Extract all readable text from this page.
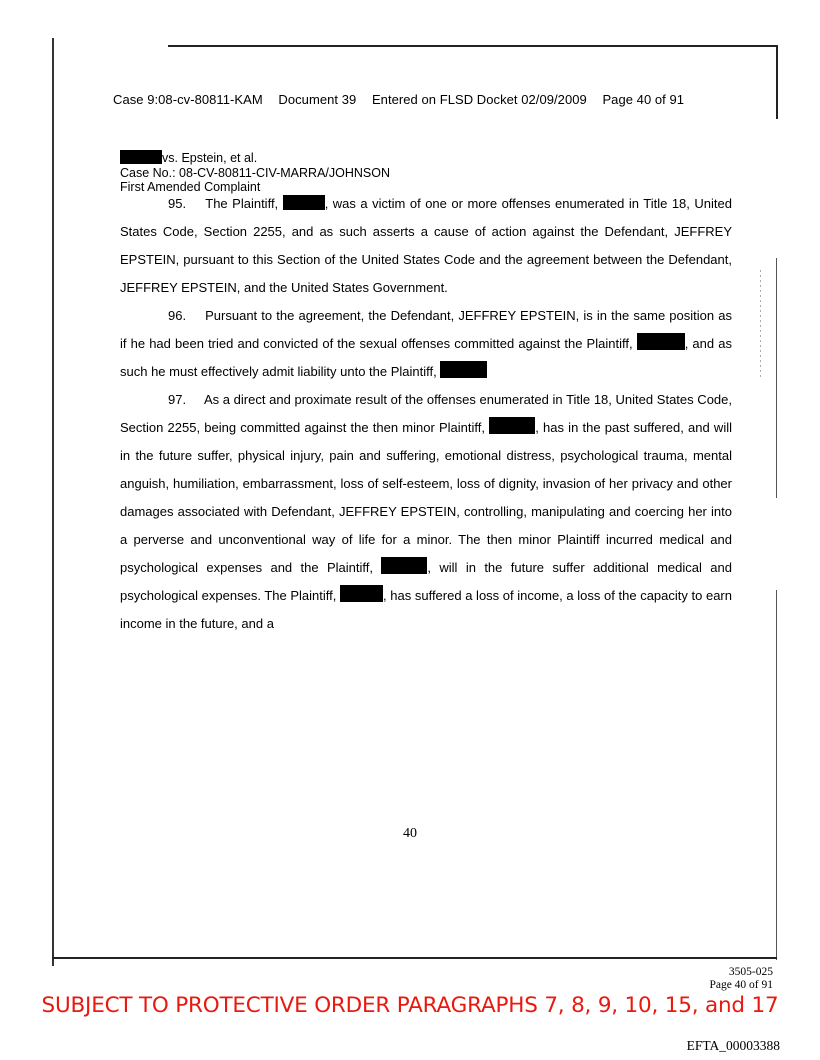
Case 9:08-cv-80811-KAM Document 39 Entered on FLSD Docket 02/09/2009 Page 40 of 91
vs. Epstein, et al.
Case No.: 08-CV-80811-CIV-MARRA/JOHNSON
First Amended Complaint

95. The Plaintiff,	, was a victim of one or more offenses enumerated in Title 18, United States Code, Section 2255, and as such asserts a cause of action against the Defendant, JEFFREY EPSTEIN, pursuant to this Section of the United States Code and the agreement between the Defendant, JEFFREY EPSTEIN, and the United States Government.

96. Pursuant to the agreement, the Defendant, JEFFREY EPSTEIN, is in the same position as if he had been tried and convicted of the sexual offenses committed against the Plaintiff,	, and as such he must effectively admit liability unto the Plaintiff,

97. As a direct and proximate result of the offenses enumerated in Title 18, United States Code, Section 2255, being committed against the then minor Plaintiff,	, has in the past suffered, and will in the future suffer, physical injury, pain and suffering, emotional distress, psychological trauma, mental anguish, humiliation, embarrassment, loss of self-esteem, loss of dignity, invasion of her privacy and other damages associated with Defendant, JEFFREY EPSTEIN, controlling, manipulating and coercing her into a perverse and unconventional way of life for a minor. The then minor Plaintiff incurred medical and psychological expenses and the Plaintiff,	, will in the future suffer additional medical and psychological expenses. The Plaintiff,	, has suffered a loss of income, a loss of the capacity to earn income in the future, and a

40
3505-025
Page 40 of 91
SUBJECT TO PROTECTIVE ORDER PARAGRAPHS 7, 8, 9, 10, 15, and 17
EFTA_00003388
